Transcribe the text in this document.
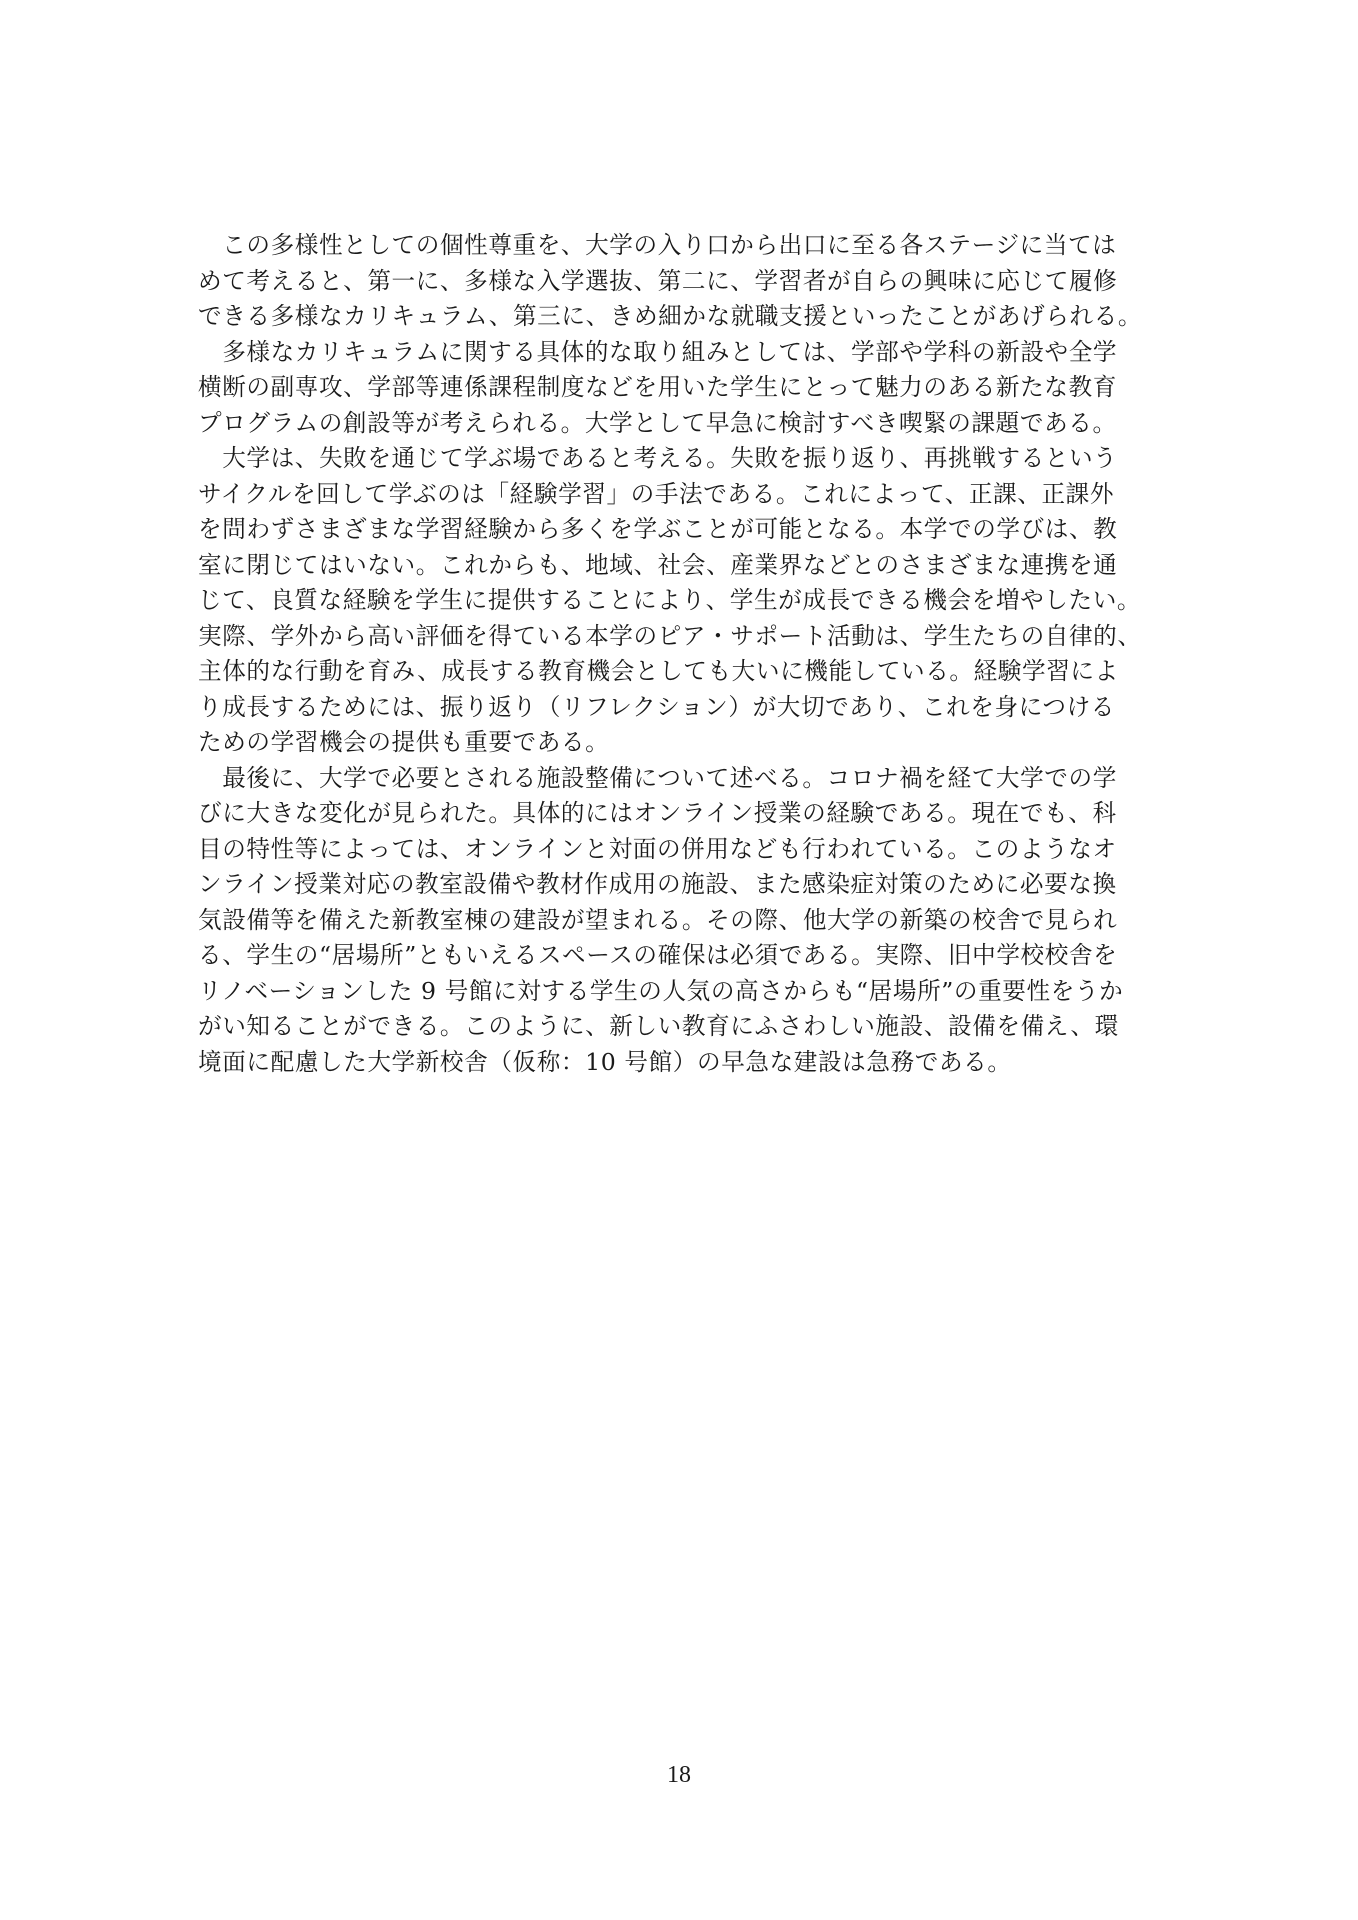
　この多様性としての個性尊重を、大学の入り口から出口に至る各ステージに当ては
めて考えると、第一に、多様な入学選抜、第二に、学習者が自らの興味に応じて履修
できる多様なカリキュラム、第三に、きめ細かな就職支援といったことがあげられる。
　多様なカリキュラムに関する具体的な取り組みとしては、学部や学科の新設や全学
横断の副専攻、学部等連係課程制度などを用いた学生にとって魅力のある新たな教育
プログラムの創設等が考えられる。大学として早急に検討すべき喫緊の課題である。
　大学は、失敗を通じて学ぶ場であると考える。失敗を振り返り、再挑戦するという
サイクルを回して学ぶのは「経験学習」の手法である。これによって、正課、正課外
を問わずさまざまな学習経験から多くを学ぶことが可能となる。本学での学びは、教
室に閉じてはいない。これからも、地域、社会、産業界などとのさまざまな連携を通
じて、良質な経験を学生に提供することにより、学生が成長できる機会を増やしたい。
実際、学外から高い評価を得ている本学のピア・サポート活動は、学生たちの自律的、
主体的な行動を育み、成長する教育機会としても大いに機能している。経験学習によ
り成長するためには、振り返り（リフレクション）が大切であり、これを身につける
ための学習機会の提供も重要である。
　最後に、大学で必要とされる施設整備について述べる。コロナ禍を経て大学での学
びに大きな変化が見られた。具体的にはオンライン授業の経験である。現在でも、科
目の特性等によっては、オンラインと対面の併用なども行われている。このようなオ
ンライン授業対応の教室設備や教材作成用の施設、また感染症対策のために必要な換
気設備等を備えた新教室棟の建設が望まれる。その際、他大学の新築の校舎で見られ
る、学生の“居場所”ともいえるスペースの確保は必須である。実際、旧中学校校舎を
リノベーションした 9 号館に対する学生の人気の高さからも“居場所”の重要性をうか
がい知ることができる。このように、新しい教育にふさわしい施設、設備を備え、環
境面に配慮した大学新校舎（仮称：10 号館）の早急な建設は急務である。
18
